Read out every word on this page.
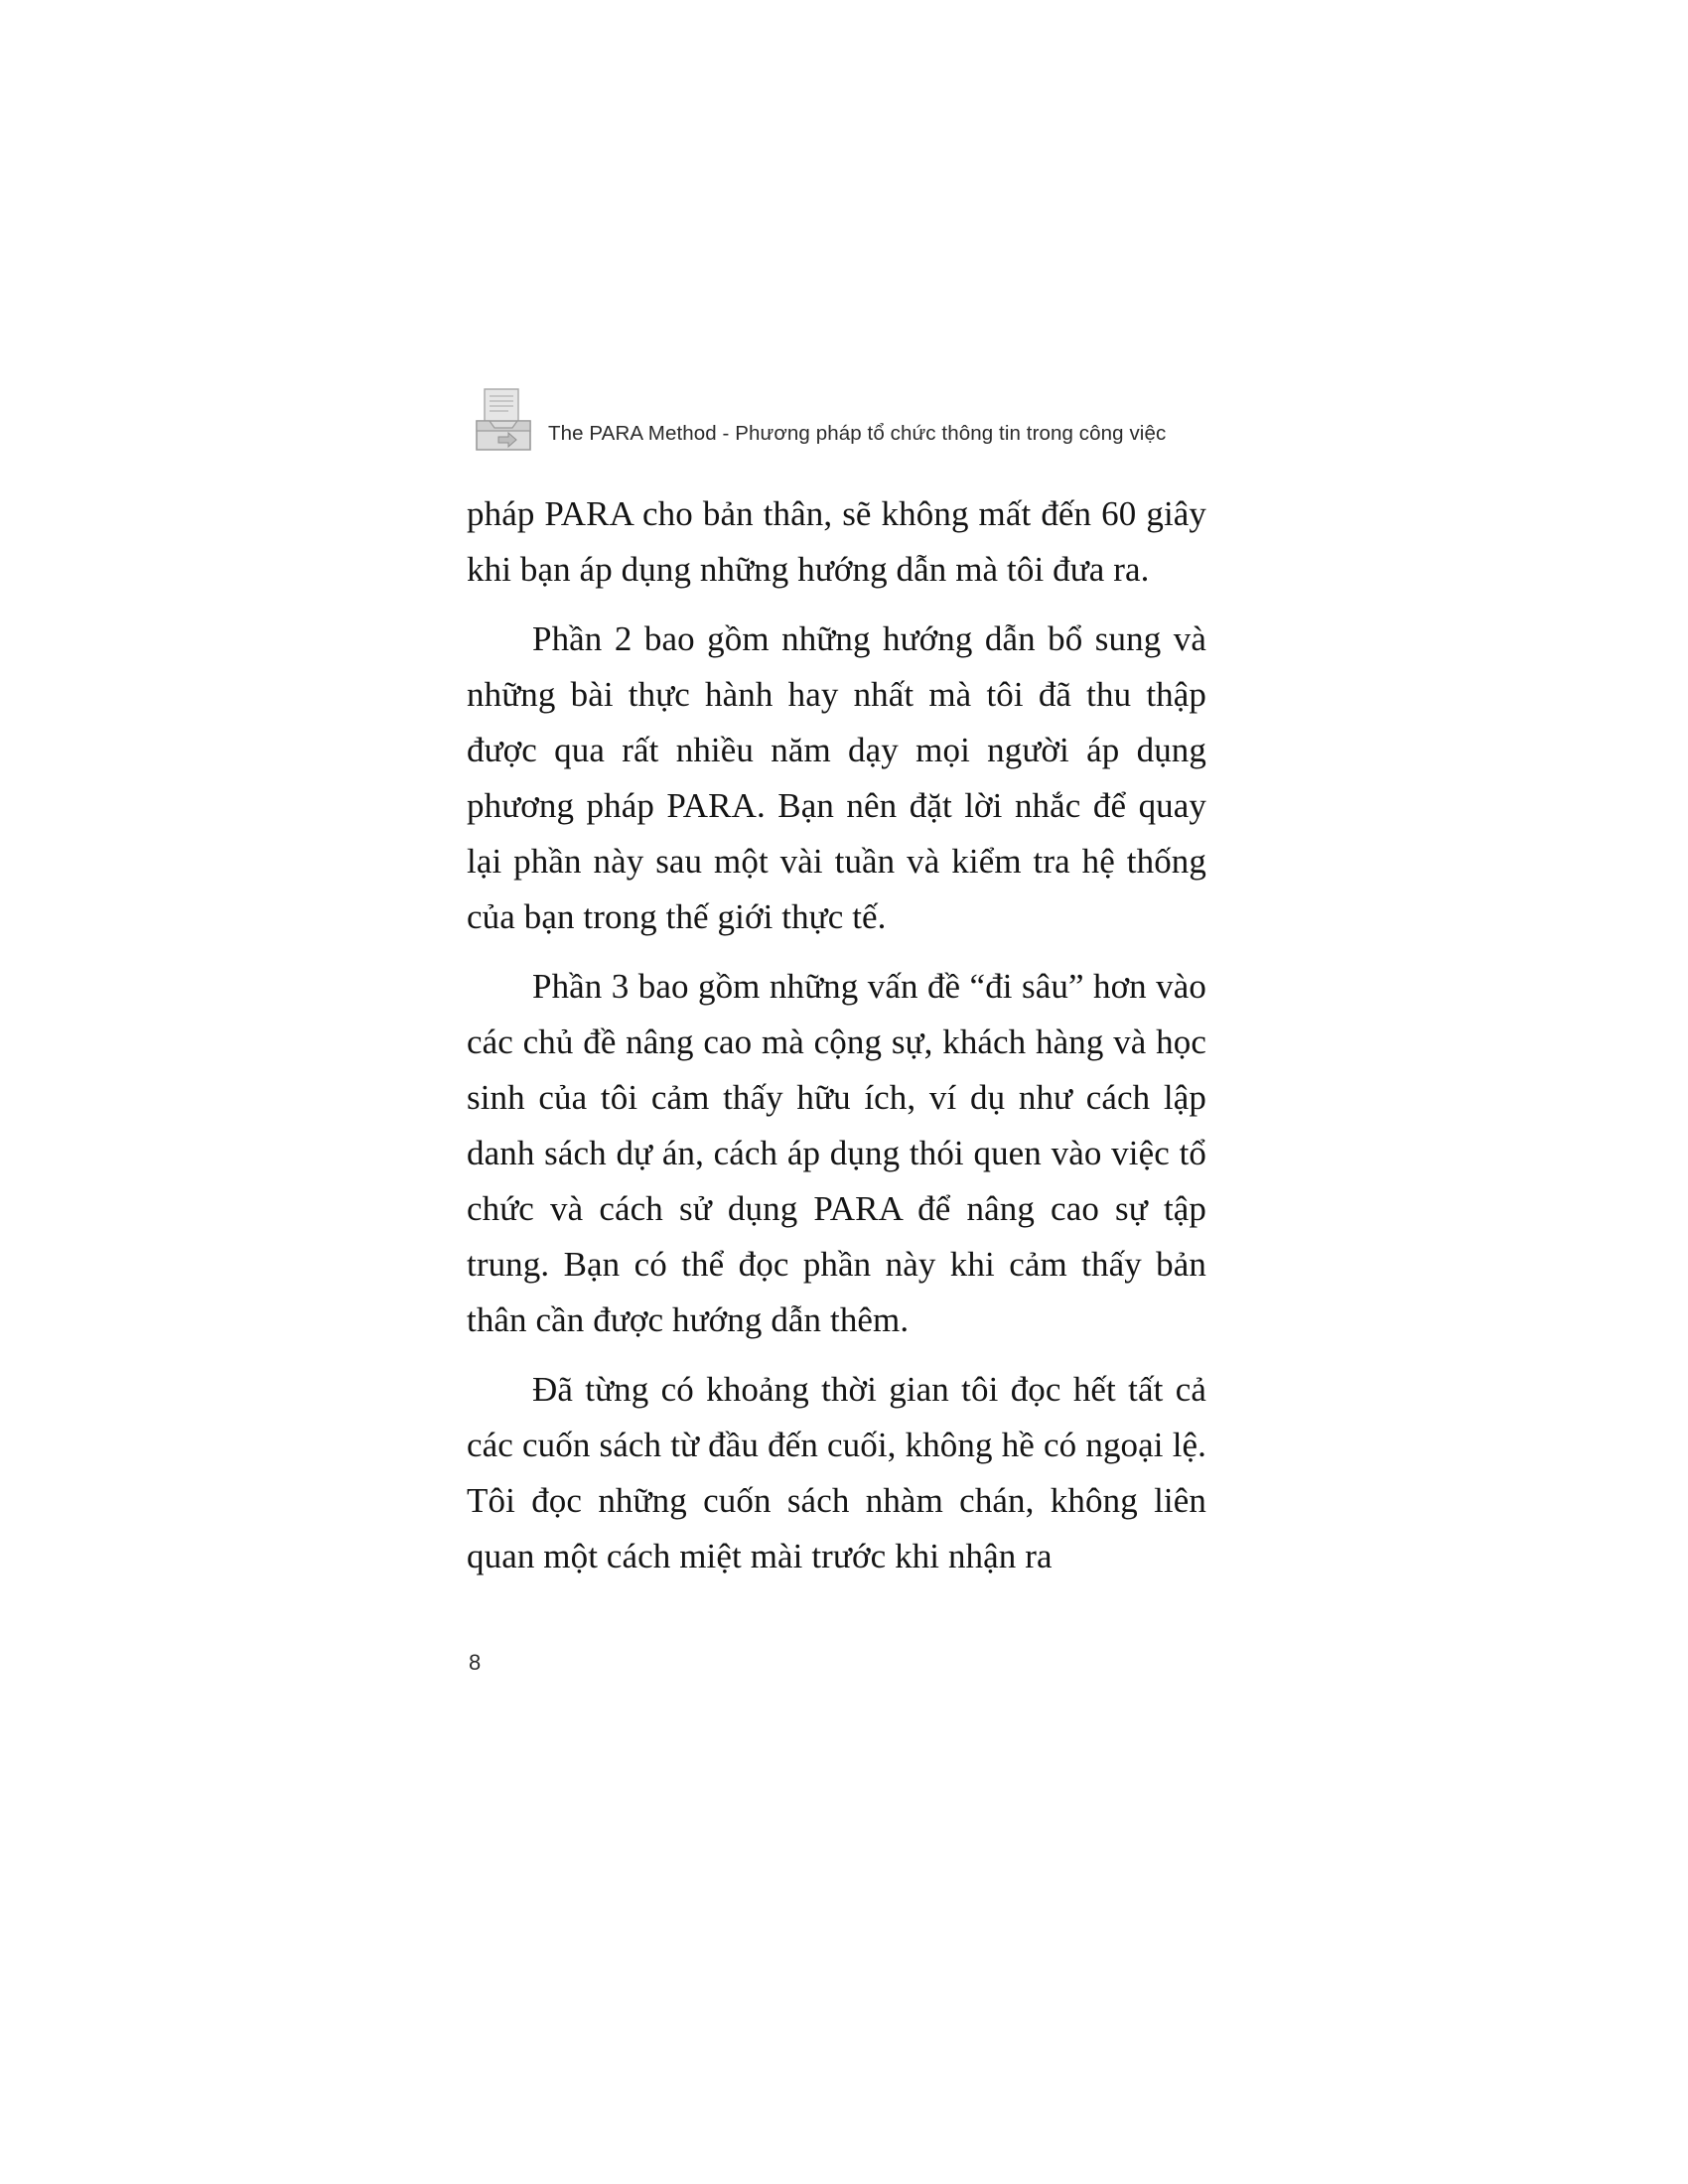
The PARA Method - Phương pháp tổ chức thông tin trong công việc

pháp PARA cho bản thân, sẽ không mất đến 60 giây khi bạn áp dụng những hướng dẫn mà tôi đưa ra.

Phần 2 bao gồm những hướng dẫn bổ sung và những bài thực hành hay nhất mà tôi đã thu thập được qua rất nhiều năm dạy mọi người áp dụng phương pháp PARA. Bạn nên đặt lời nhắc để quay lại phần này sau một vài tuần và kiểm tra hệ thống của bạn trong thế giới thực tế.

Phần 3 bao gồm những vấn đề “đi sâu” hơn vào các chủ đề nâng cao mà cộng sự, khách hàng và học sinh của tôi cảm thấy hữu ích, ví dụ như cách lập danh sách dự án, cách áp dụng thói quen vào việc tổ chức và cách sử dụng PARA để nâng cao sự tập trung. Bạn có thể đọc phần này khi cảm thấy bản thân cần được hướng dẫn thêm.

Đã từng có khoảng thời gian tôi đọc hết tất cả các cuốn sách từ đầu đến cuối, không hề có ngoại lệ. Tôi đọc những cuốn sách nhàm chán, không liên quan một cách miệt mài trước khi nhận ra

8
